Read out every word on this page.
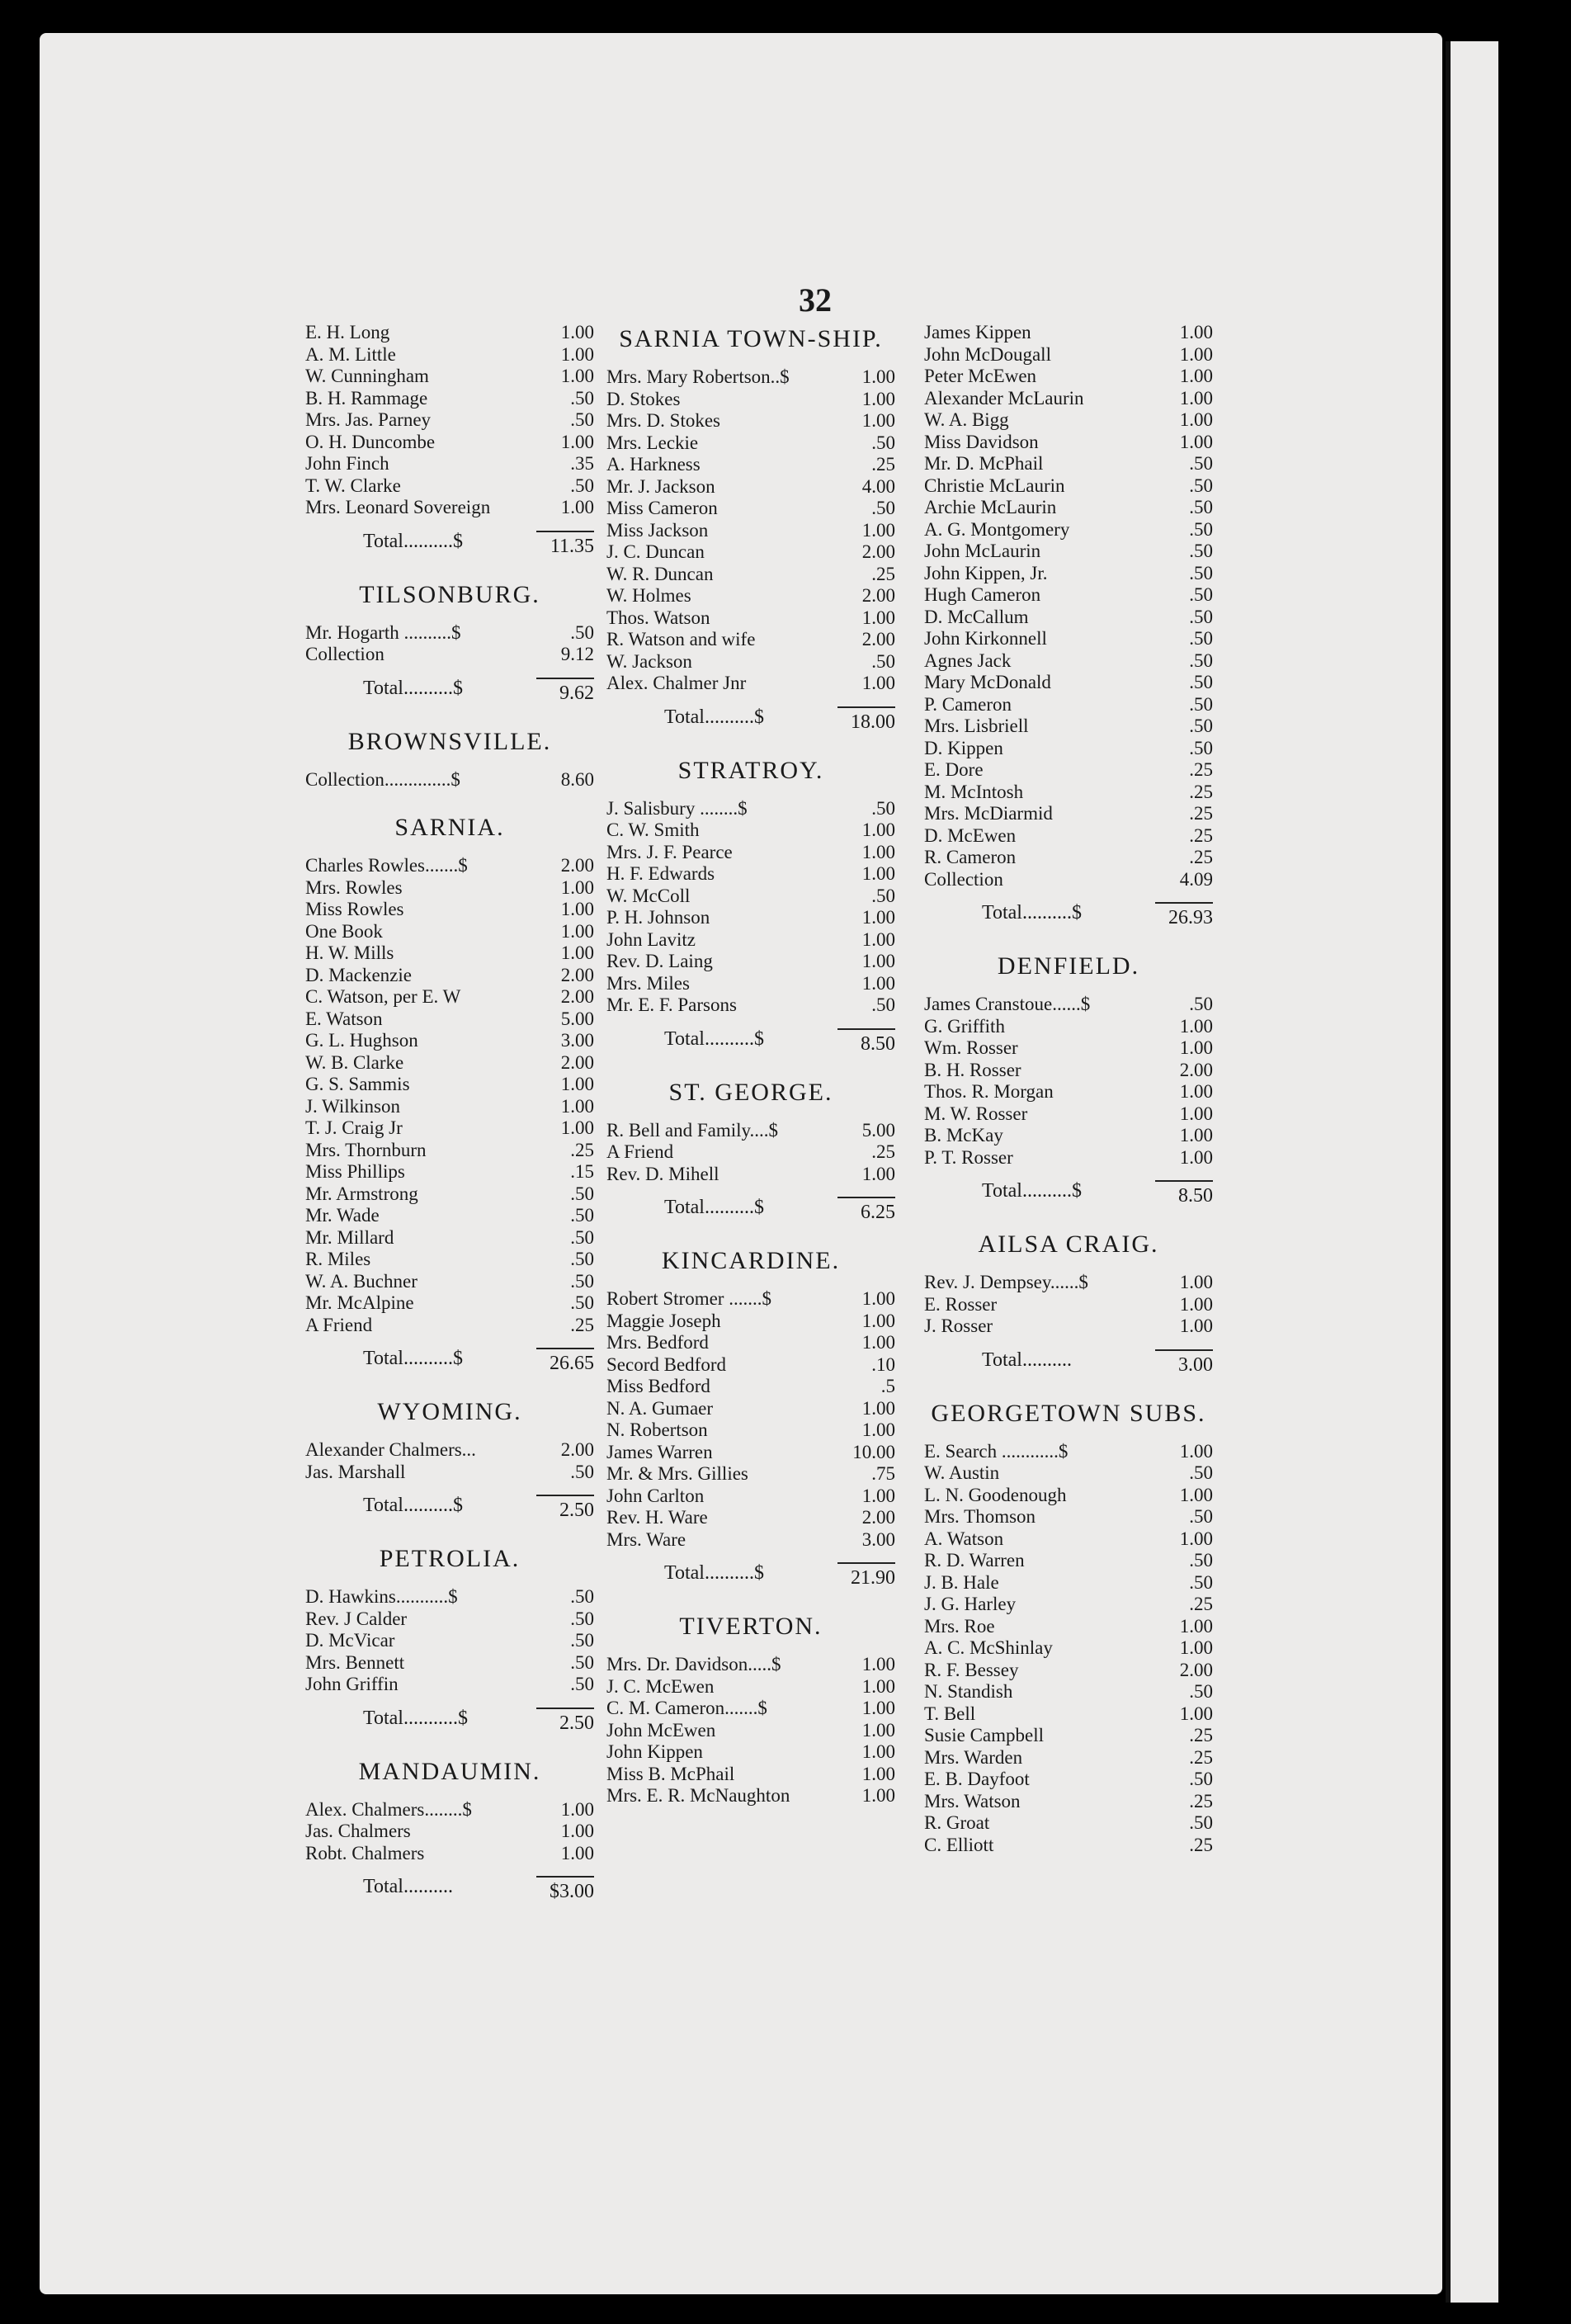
32
E. H. Long	1.00
A. M. Little	1.00
W. Cunningham	1.00
B. H. Rammage	.50
Mrs. Jas. Parney	.50
O. H. Duncombe	1.00
John Finch	.35
T. W. Clarke	.50
Mrs. Leonard Sovereign	1.00
Total..........$	11.35
TILSONBURG.
Mr. Hogarth ..........$	.50
Collection	9.12
Total..........$	9.62
BROWNSVILLE.
Collection..............$	8.60
SARNIA.
Charles Rowles.......$	2.00
Mrs. Rowles	1.00
Miss Rowles	1.00
One Book	1.00
H. W. Mills	1.00
D. Mackenzie	2.00
C. Watson, per E. W	2.00
E. Watson	5.00
G. L. Hughson	3.00
W. B. Clarke	2.00
G. S. Sammis	1.00
J. Wilkinson	1.00
T. J. Craig Jr	1.00
Mrs. Thornburn	.25
Miss Phillips	.15
Mr. Armstrong	.50
Mr. Wade	.50
Mr. Millard	.50
R. Miles	.50
W. A. Buchner	.50
Mr. McAlpine	.50
A Friend	.25
Total..........$	26.65
WYOMING.
Alexander Chalmers...	2.00
Jas. Marshall	.50
Total..........$	2.50
PETROLIA.
D. Hawkins...........$	.50
Rev. J Calder	.50
D. McVicar	.50
Mrs. Bennett	.50
John Griffin	.50
Total...........$	2.50
MANDAUMIN.
Alex. Chalmers........$	1.00
Jas. Chalmers	1.00
Robt. Chalmers	1.00
Total..........	$3.00
SARNIA TOWN-SHIP.
Mrs. Mary Robertson..$	1.00
D. Stokes	1.00
Mrs. D. Stokes	1.00
Mrs. Leckie	.50
A. Harkness	.25
Mr. J. Jackson	4.00
Miss Cameron	.50
Miss Jackson	1.00
J. C. Duncan	2.00
W. R. Duncan	.25
W. Holmes	2.00
Thos. Watson	1.00
R. Watson and wife	2.00
W. Jackson	.50
Alex. Chalmer Jnr	1.00
Total..........$	18.00
STRATROY.
J. Salisbury ........$	.50
C. W. Smith	1.00
Mrs. J. F. Pearce	1.00
H. F. Edwards	1.00
W. McColl	.50
P. H. Johnson	1.00
John Lavitz	1.00
Rev. D. Laing	1.00
Mrs. Miles	1.00
Mr. E. F. Parsons	.50
Total..........$	8.50
ST. GEORGE.
R. Bell and Family....$	5.00
A Friend	.25
Rev. D. Mihell	1.00
Total..........$	6.25
KINCARDINE.
Robert Stromer .......$	1.00
Maggie Joseph	1.00
Mrs. Bedford	1.00
Secord Bedford	.10
Miss Bedford	.5
N. A. Gumaer	1.00
N. Robertson	1.00
James Warren	10.00
Mr. & Mrs. Gillies	.75
John Carlton	1.00
Rev. H. Ware	2.00
Mrs. Ware	3.00
Total..........$	21.90
TIVERTON.
Mrs. Dr. Davidson.....$	1.00
J. C. McEwen	1.00
C. M. Cameron.......$	1.00
John McEwen	1.00
John Kippen	1.00
Miss B. McPhail	1.00
Mrs. E. R. McNaughton	1.00
James Kippen	1.00
John McDougall	1.00
Peter McEwen	1.00
Alexander McLaurin	1.00
W. A. Bigg	1.00
Miss Davidson	1.00
Mr. D. McPhail	.50
Christie McLaurin	.50
Archie McLaurin	.50
A. G. Montgomery	.50
John McLaurin	.50
John Kippen, Jr.	.50
Hugh Cameron	.50
D. McCallum	.50
John Kirkonnell	.50
Agnes Jack	.50
Mary McDonald	.50
P. Cameron	.50
Mrs. Lisbriell	.50
D. Kippen	.50
E. Dore	.25
M. McIntosh	.25
Mrs. McDiarmid	.25
D. McEwen	.25
R. Cameron	.25
Collection	4.09
Total..........$	26.93
DENFIELD.
James Cranstoue......$	.50
G. Griffith	1.00
Wm. Rosser	1.00
B. H. Rosser	2.00
Thos. R. Morgan	1.00
M. W. Rosser	1.00
B. McKay	1.00
P. T. Rosser	1.00
Total..........$	8.50
AILSA CRAIG.
Rev. J. Dempsey......$	1.00
E. Rosser	1.00
J. Rosser	1.00
Total..........	3.00
GEORGETOWN SUBS.
E. Search ............$	1.00
W. Austin	.50
L. N. Goodenough	1.00
Mrs. Thomson	.50
A. Watson	1.00
R. D. Warren	.50
J. B. Hale	.50
J. G. Harley	.25
Mrs. Roe	1.00
A. C. McShinlay	1.00
R. F. Bessey	2.00
N. Standish	.50
T. Bell	1.00
Susie Campbell	.25
Mrs. Warden	.25
E. B. Dayfoot	.50
Mrs. Watson	.25
R. Groat	.50
C. Elliott	.25
